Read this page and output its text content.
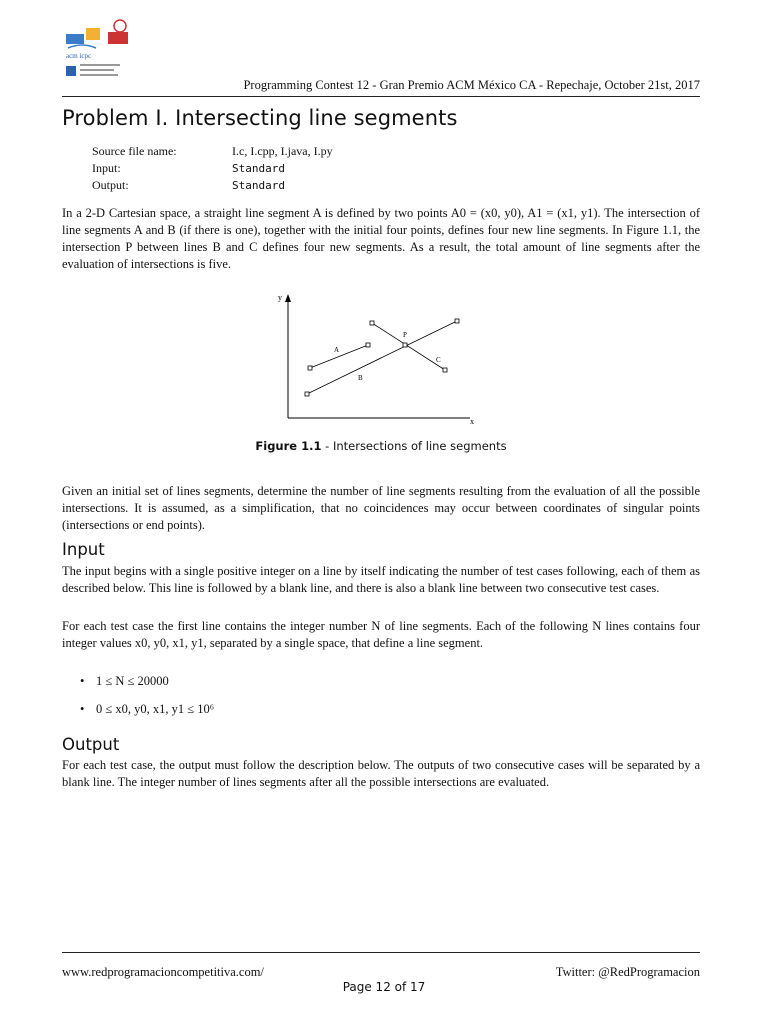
acm icpc
Programming Contest 12 - Gran Premio ACM México CA - Repechaje, October 21st, 2017
Problem I. Intersecting line segments
Source file name:	I.c, I.cpp, I.java, I.py
Input:	Standard
Output:	Standard
In a 2-D Cartesian space, a straight line segment A is defined by two points A0 = (x0, y0), A1 = (x1, y1). The intersection of line segments A and B (if there is one), together with the initial four points, defines four new line segments. In Figure 1.1, the intersection P between lines B and C defines four new segments. As a result, the total amount of line segments after the evaluation of intersections is five.
y
x
A
B
C
P
Figure 1.1 - Intersections of line segments
Given an initial set of lines segments, determine the number of line segments resulting from the evaluation of all the possible intersections. It is assumed, as a simplification, that no coincidences may occur between coordinates of singular points (intersections or end points).
Input
The input begins with a single positive integer on a line by itself indicating the number of test cases following, each of them as described below. This line is followed by a blank line, and there is also a blank line between two consecutive test cases.
For each test case the first line contains the integer number N of line segments. Each of the following N lines contains four integer values x0, y0, x1, y1, separated by a single space, that define a line segment.
• 1 ≤ N ≤ 20000
• 0 ≤ x0, y0, x1, y1 ≤ 10⁶
Output
For each test case, the output must follow the description below. The outputs of two consecutive cases will be separated by a blank line. The integer number of lines segments after all the possible intersections are evaluated.
www.redprogramacioncompetitiva.com/	Twitter: @RedProgramacion
Page 12 of 17
